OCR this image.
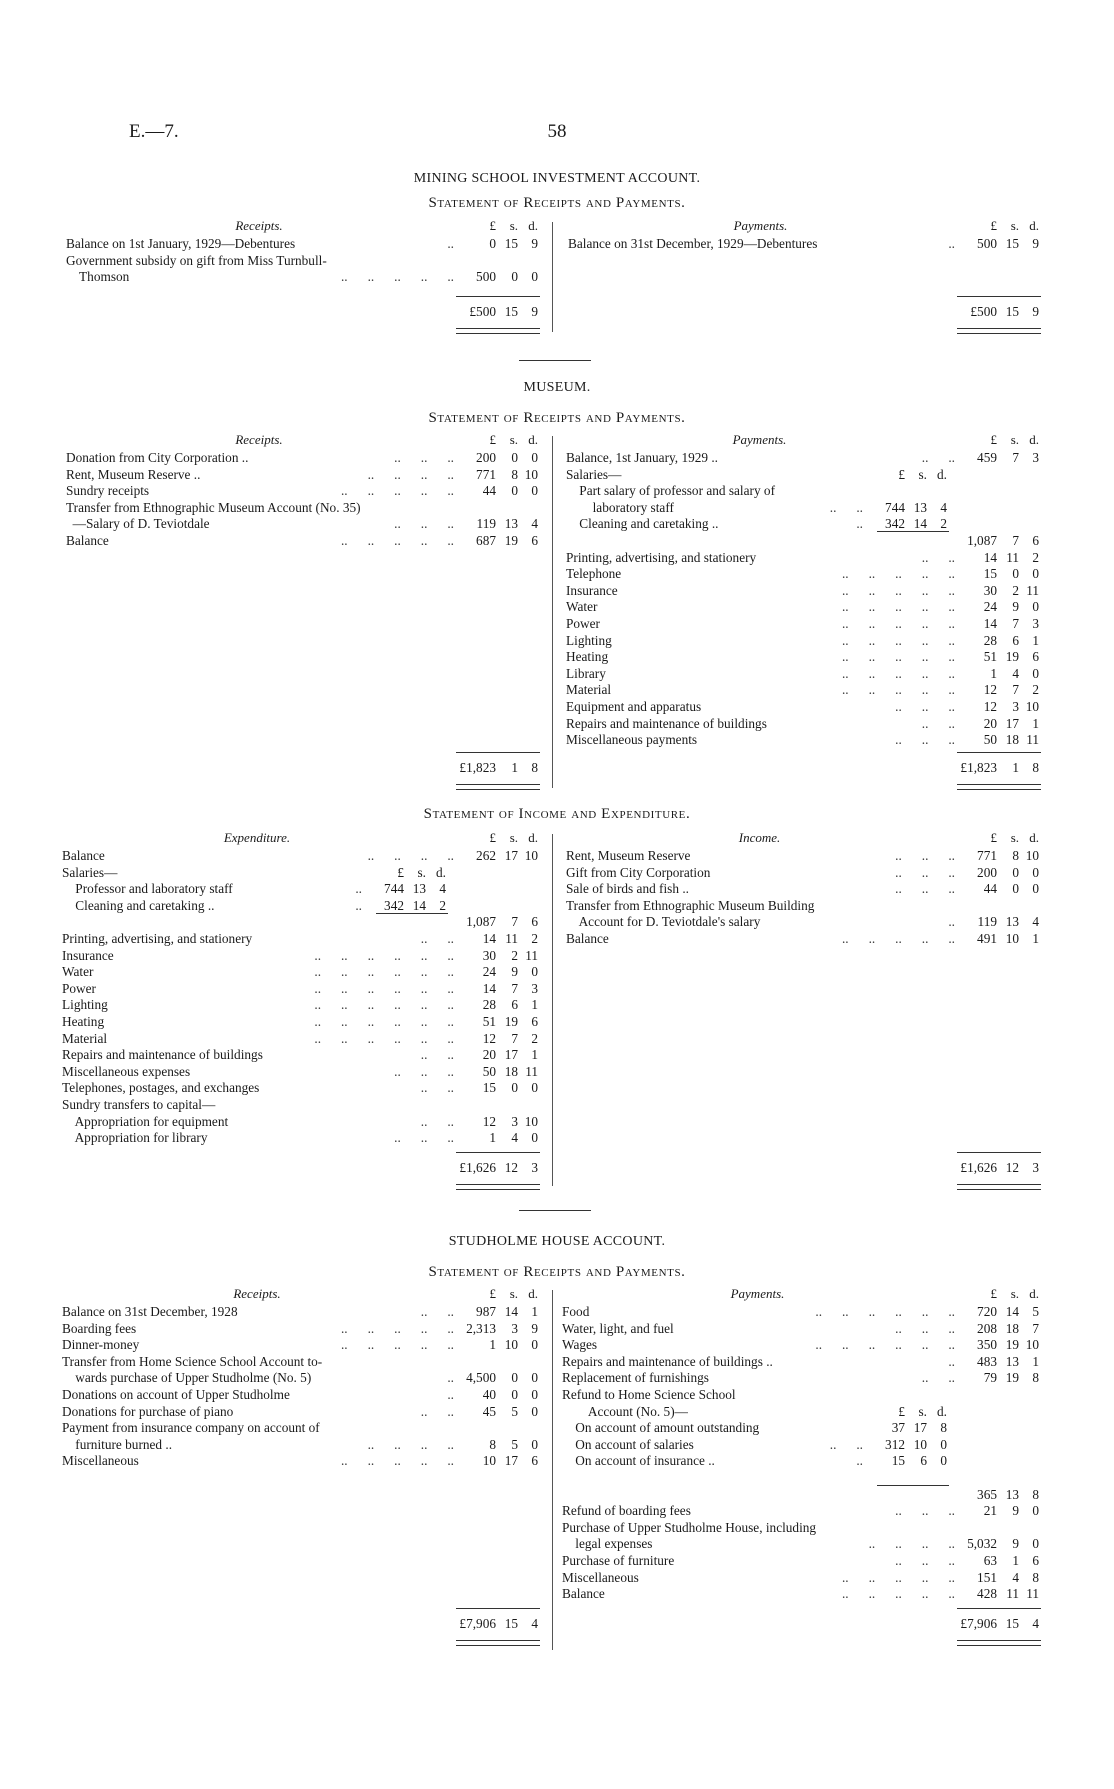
E.—7.	58
MINING SCHOOL INVESTMENT ACCOUNT.
Statement of Receipts and Payments.
Receipts.	£ s. d.
Balance on 1st January, 1929—Debentures	..	0 15 9
Government subsidy on gift from Miss Turnbull-
Thomson	..      ..      ..      ..      ..	500 0 0
£500 15 9
Payments.	£ s. d.
Balance on 31st December, 1929—Debentures	..	500 15 9
£500 15 9
MUSEUM.
Statement of Receipts and Payments.
Receipts.	£ s. d.
Donation from City Corporation ..	..      ..      ..	200 0 0
Rent, Museum Reserve ..	..      ..      ..      ..	771 8 10
Sundry receipts	..      ..      ..      ..      ..	44 0 0
Transfer from Ethnographic Museum Account (No. 35)
—Salary of D. Teviotdale	..      ..      ..	119 13 4
Balance	..      ..      ..      ..      ..	687 19 6
£1,823 1 8
Payments.	£ s. d.
Balance, 1st January, 1929 ..	..      ..	459 7 3
Salaries—	£ s. d.
Part salary of professor and salary of
laboratory staff	..      ..	744 13 4
Cleaning and caretaking ..	..	342 14 2
1,087 7 6
Printing, advertising, and stationery	..      ..	14 11 2
Telephone	..      ..      ..      ..      ..	15 0 0
Insurance	..      ..      ..      ..      ..	30 2 11
Water	..      ..      ..      ..      ..	24 9 0
Power	..      ..      ..      ..      ..	14 7 3
Lighting	..      ..      ..      ..      ..	28 6 1
Heating	..      ..      ..      ..      ..	51 19 6
Library	..      ..      ..      ..      ..	1 4 0
Material	..      ..      ..      ..      ..	12 7 2
Equipment and apparatus	..      ..      ..	12 3 10
Repairs and maintenance of buildings	..      ..	20 17 1
Miscellaneous payments	..      ..      ..	50 18 11
£1,823 1 8
Statement of Income and Expenditure.
Expenditure.	£ s. d.
Balance	..      ..      ..      ..	262 17 10
Salaries—	£ s. d.
Professor and laboratory staff	..	744 13 4
Cleaning and caretaking ..	..	342 14 2
1,087 7 6
Printing, advertising, and stationery	..      ..	14 11 2
Insurance	..      ..      ..      ..      ..      ..	30 2 11
Water	..      ..      ..      ..      ..      ..	24 9 0
Power	..      ..      ..      ..      ..      ..	14 7 3
Lighting	..      ..      ..      ..      ..      ..	28 6 1
Heating	..      ..      ..      ..      ..      ..	51 19 6
Material	..      ..      ..      ..      ..      ..	12 7 2
Repairs and maintenance of buildings	..      ..	20 17 1
Miscellaneous expenses	..      ..      ..	50 18 11
Telephones, postages, and exchanges	..      ..	15 0 0
Sundry transfers to capital—
Appropriation for equipment	..      ..	12 3 10
Appropriation for library	..      ..      ..	1 4 0
£1,626 12 3
Income.	£ s. d.
Rent, Museum Reserve	..      ..      ..	771 8 10
Gift from City Corporation	..      ..      ..	200 0 0
Sale of birds and fish ..	..      ..      ..	44 0 0
Transfer from Ethnographic Museum Building
Account for D. Teviotdale's salary	..	119 13 4
Balance	..      ..      ..      ..      ..	491 10 1
£1,626 12 3
STUDHOLME HOUSE ACCOUNT.
Statement of Receipts and Payments.
Receipts.	£ s. d.
Balance on 31st December, 1928	..      ..	987 14 1
Boarding fees	..      ..      ..      ..      .. 2,313 3 9
Dinner-money	..      ..      ..      ..      ..	1 10 0
Transfer from Home Science School Account to-
wards purchase of Upper Studholme (No. 5)	.. 4,500 0 0
Donations on account of Upper Studholme	..	40 0 0
Donations for purchase of piano	..      ..	45 5 0
Payment from insurance company on account of
furniture burned ..	..      ..      ..      ..	8 5 0
Miscellaneous	..      ..      ..      ..      ..	10 17 6
£7,906 15 4
Payments.	£ s. d.
Food	..      ..      ..      ..      ..      ..	720 14 5
Water, light, and fuel	..      ..      ..	208 18 7
Wages	..      ..      ..      ..      ..      ..	350 19 10
Repairs and maintenance of buildings ..	..	483 13 1
Replacement of furnishings	..      ..	79 19 8
Refund to Home Science School
Account (No. 5)—	£ s. d.
On account of amount outstanding	37 17 8
On account of salaries	..      ..	312 10 0
On account of insurance ..	..	15 6 0
365 13 8
Refund of boarding fees	..      ..      ..	21 9 0
Purchase of Upper Studholme House, including
legal expenses	..      ..      ..      .. 5,032 9 0
Purchase of furniture	..      ..      ..	63 1 6
Miscellaneous	..      ..      ..      ..      ..	151 4 8
Balance	..      ..      ..      ..      ..	428 11 11
£7,906 15 4
